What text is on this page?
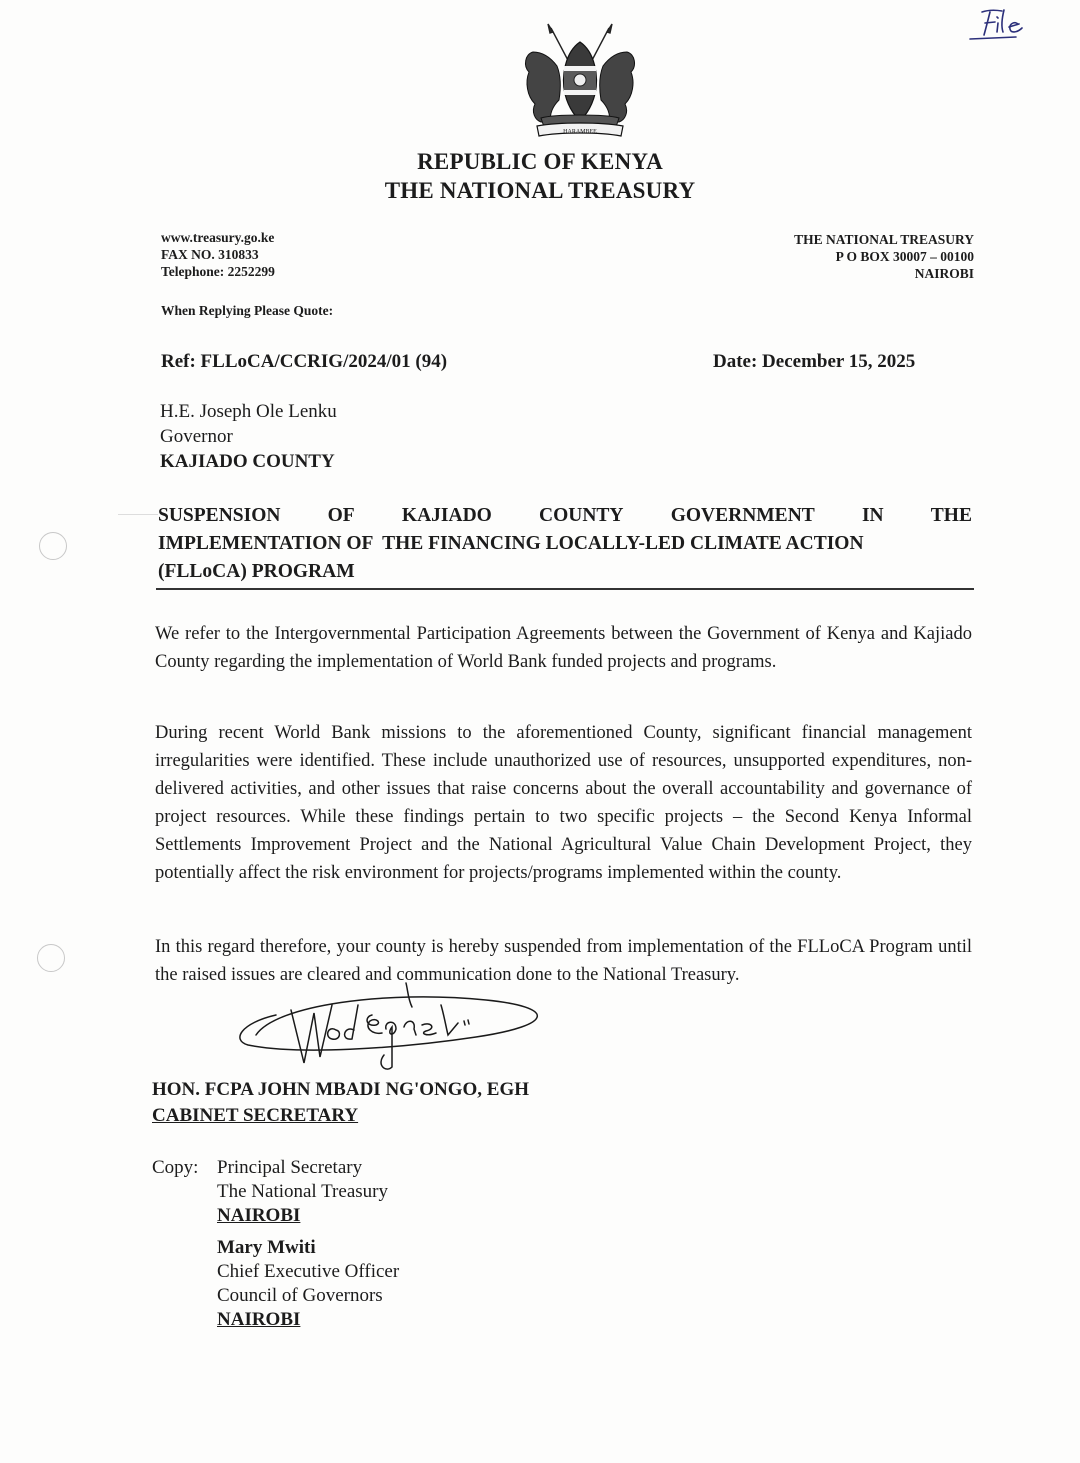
HARAMBEE
REPUBLIC OF KENYA
THE NATIONAL TREASURY
www.treasury.go.ke
FAX NO. 310833
Telephone: 2252299
When Replying Please Quote:
THE NATIONAL TREASURY
P O BOX 30007 – 00100
NAIROBI
Ref: FLLoCA/CCRIG/2024/01 (94)	Date: December 15, 2025
H.E. Joseph Ole Lenku
Governor
KAJIADO COUNTY
SUSPENSION OF KAJIADO COUNTY GOVERNMENT IN THE
IMPLEMENTATION OF  THE FINANCING LOCALLY-LED CLIMATE ACTION
(FLLoCA) PROGRAM
We refer to the Intergovernmental Participation Agreements between the Government of Kenya and Kajiado County regarding the implementation of World Bank funded projects and programs.
During recent World Bank missions to the aforementioned County, significant financial management irregularities were identified. These include unauthorized use of resources, unsupported expenditures, non-delivered activities, and other issues that raise concerns about the overall accountability and governance of project resources. While these findings pertain to two specific projects – the Second Kenya Informal Settlements Improvement Project and the National Agricultural Value Chain Development Project, they potentially affect the risk environment for projects/programs implemented within the county.
In this regard therefore, your county is hereby suspended from implementation of the FLLoCA Program until the raised issues are cleared and communication done to the National Treasury.
HON. FCPA JOHN MBADI NG'ONGO, EGH
CABINET SECRETARY
Copy: Principal Secretary
The National Treasury
NAIROBI
Mary Mwiti
Chief Executive Officer
Council of Governors
NAIROBI
